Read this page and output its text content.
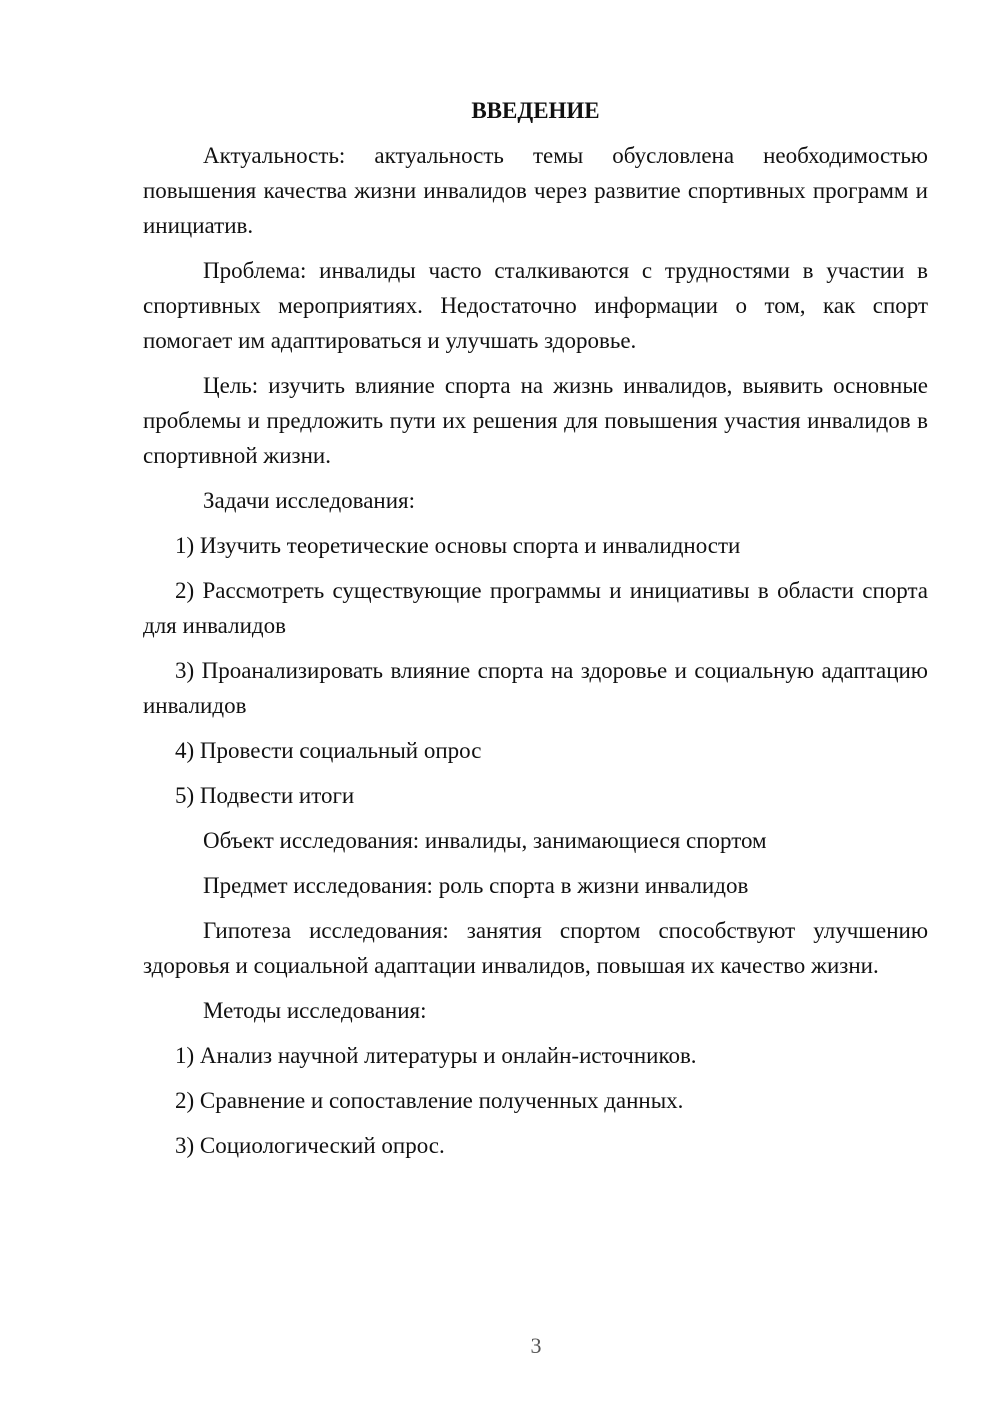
ВВЕДЕНИЕ

Актуальность: актуальность темы обусловлена необходимостью повышения качества жизни инвалидов через развитие спортивных программ и инициатив.

Проблема: инвалиды часто сталкиваются с трудностями в участии в спортивных мероприятиях. Недостаточно информации о том, как спорт помогает им адаптироваться и улучшать здоровье.

Цель: изучить влияние спорта на жизнь инвалидов, выявить основные проблемы и предложить пути их решения для повышения участия инвалидов в спортивной жизни.

Задачи исследования:

1) Изучить теоретические основы спорта и инвалидности

2) Рассмотреть существующие программы и инициативы в области спорта для инвалидов

3) Проанализировать влияние спорта на здоровье и социальную адаптацию инвалидов

4) Провести социальный опрос

5) Подвести итоги

Объект исследования: инвалиды, занимающиеся спортом

Предмет исследования: роль спорта в жизни инвалидов

Гипотеза исследования: занятия спортом способствуют улучшению здоровья и социальной адаптации инвалидов, повышая их качество жизни.

Методы исследования:

1) Анализ научной литературы и онлайн-источников.

2) Сравнение и сопоставление полученных данных.

3) Социологический опрос.

3
